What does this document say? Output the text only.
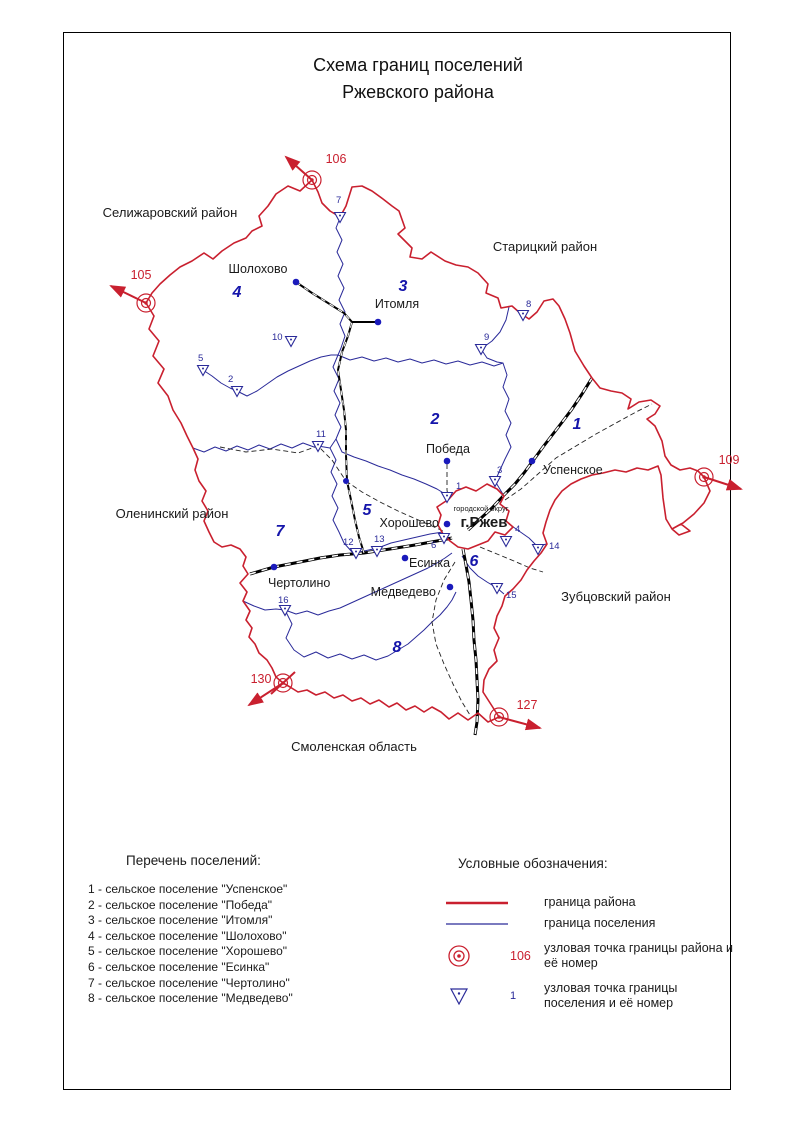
Схема границ поселений
Ржевского района
Шолохово
Итомля
Победа
Успенское
Хорошево
Есинка
Медведево
Чертолино
городской округ
г.Ржев
Селижаровский район
Старицкий район
Оленинский район
Зубцовский район
Смоленская область
1
2
3
4
5
6
7
8
105
106
109
127
130
1
2
3
4
5
6
7
8
9
10
11
12 13
14
15
16
Перечень поселений:
1 - сельское поселение "Успенское"
2 - сельское поселение "Победа"
3 - сельское поселение "Итомля"
4 - сельское поселение "Шолохово"
5 - сельское поселение "Хорошево"
6 - сельское поселение "Есинка"
7 - сельское поселение "Чертолино"
8 - сельское поселение "Медведево"
Условные обозначения:
граница района
граница поселения
106
узловая точка границы района и её номер
1
узловая точка границы поселения и её номер
